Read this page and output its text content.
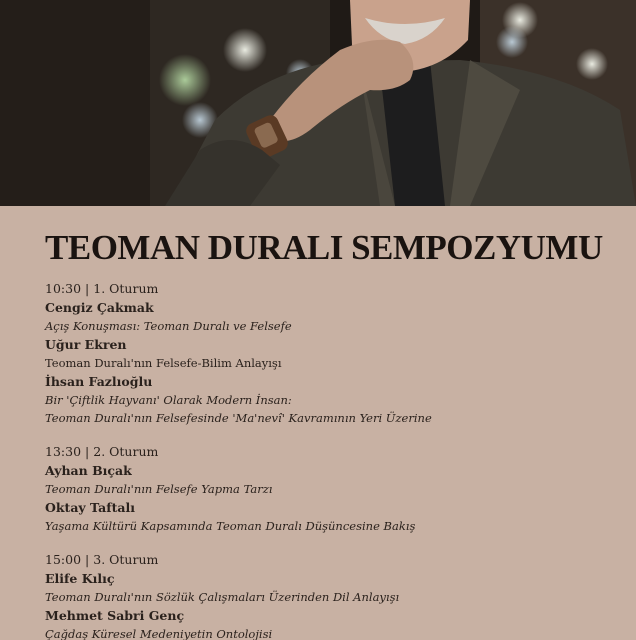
TEOMAN DURALI SEMPOZYUMU
10:30 | 1. Oturum
Cengiz Çakmak
Açış Konuşması: Teoman Duralı ve Felsefe
Uğur Ekren
Teoman Duralı'nın Felsefe-Bilim Anlayışı
İhsan Fazlıoğlu
Bir 'Çiftlik Hayvanı' Olarak Modern İnsan:
Teoman Duralı'nın Felsefesinde 'Ma'nevî' Kavramının Yeri Üzerine
13:30 | 2. Oturum
Ayhan Bıçak
Teoman Duralı'nın Felsefe Yapma Tarzı
Oktay Taftalı
Yaşama Kültürü Kapsamında Teoman Duralı Düşüncesine Bakış
15:00 | 3. Oturum
Elife Kılıç
Teoman Duralı'nın Sözlük Çalışmaları Üzerinden Dil Anlayışı
Mehmet Sabri Genç
Çağdaş Küresel Medeniyetin Ontolojisi
